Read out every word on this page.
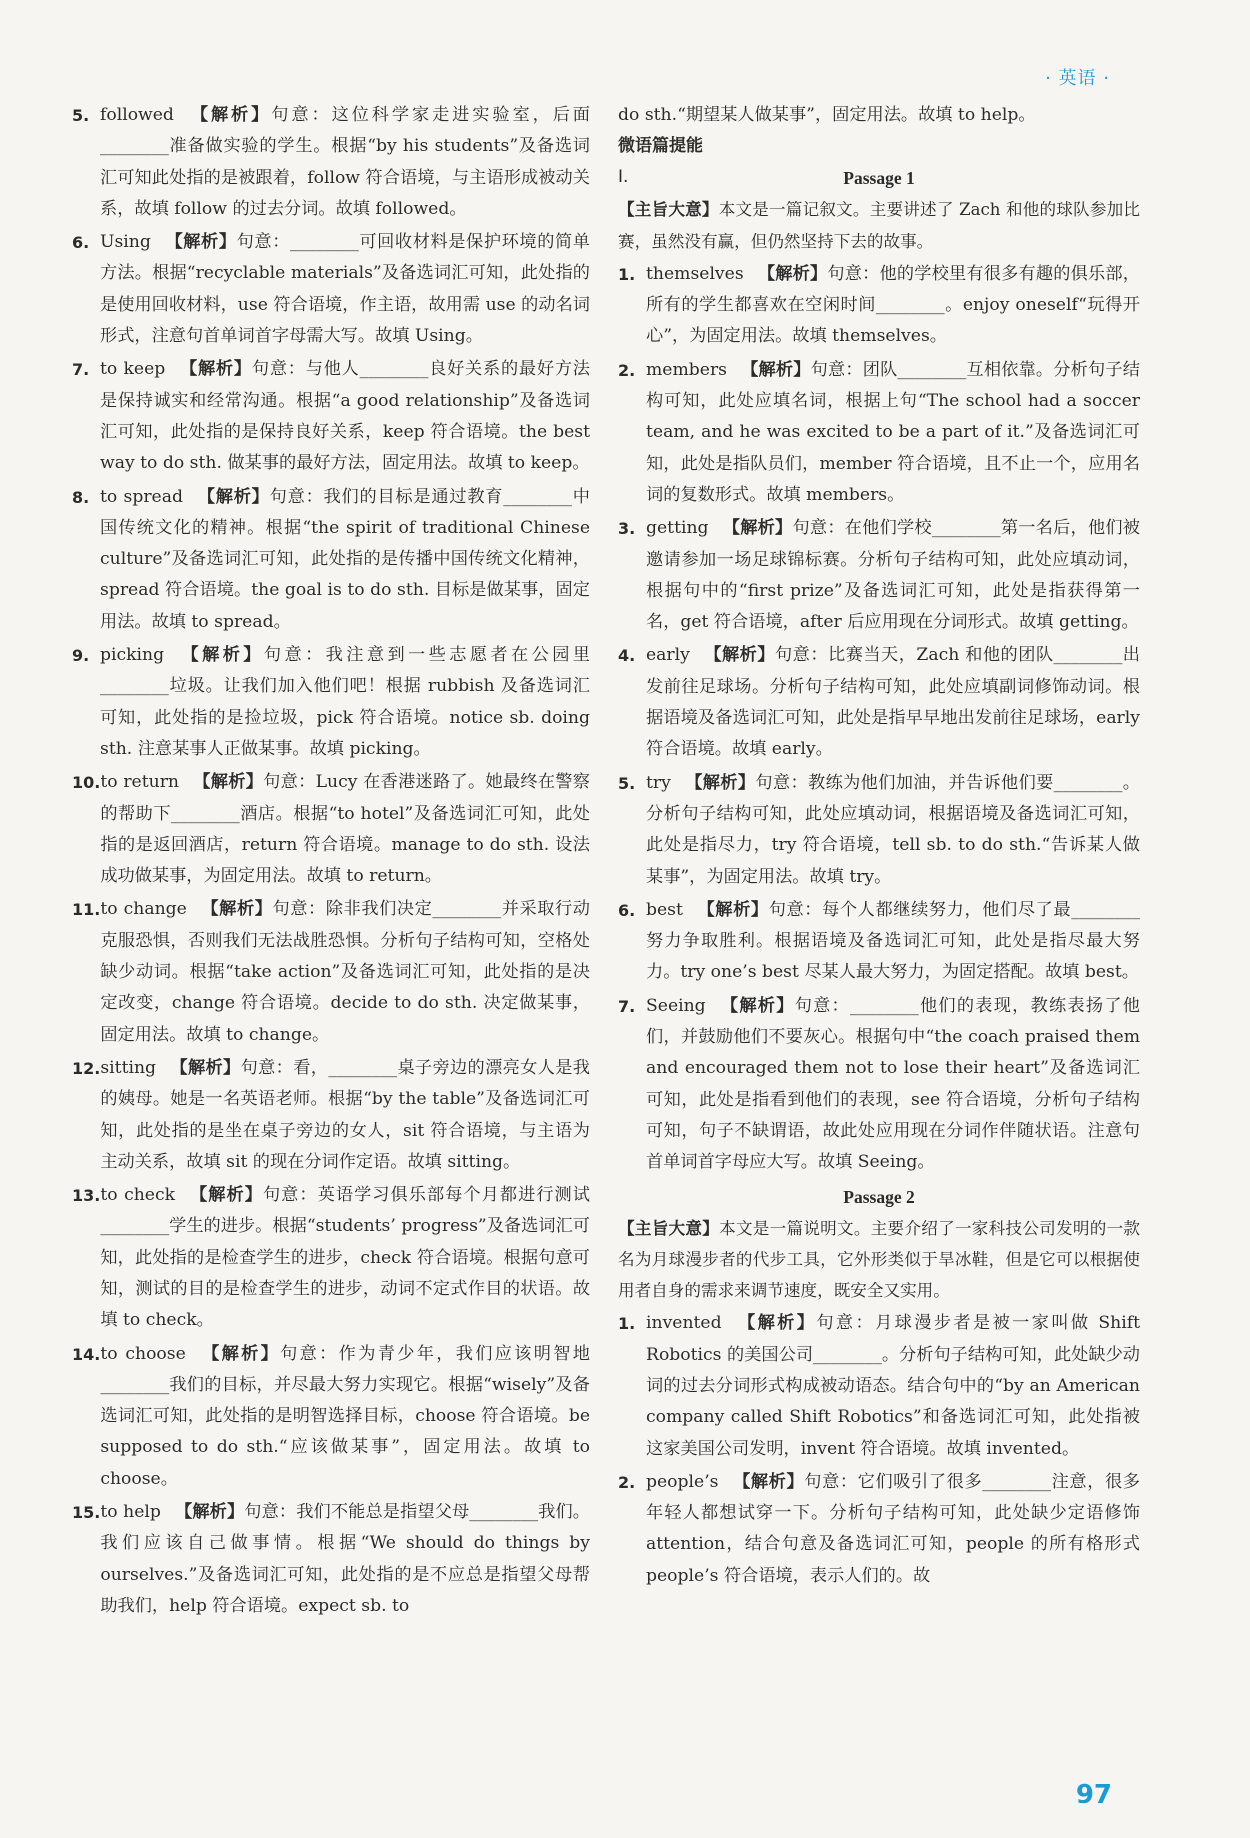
· 英语 ·
5. followed 【解析】句意：这位科学家走进实验室，后面________准备做实验的学生。根据“by his students”及备选词汇可知此处指的是被跟着，follow 符合语境，与主语形成被动关系，故填 follow 的过去分词。故填 followed。
6. Using 【解析】句意：________可回收材料是保护环境的简单方法。根据“recyclable materials”及备选词汇可知，此处指的是使用回收材料，use 符合语境，作主语，故用需 use 的动名词形式，注意句首单词首字母需大写。故填 Using。
7. to keep 【解析】句意：与他人________良好关系的最好方法是保持诚实和经常沟通。根据“a good relationship”及备选词汇可知，此处指的是保持良好关系，keep 符合语境。the best way to do sth. 做某事的最好方法，固定用法。故填 to keep。
8. to spread 【解析】句意：我们的目标是通过教育________中国传统文化的精神。根据“the spirit of traditional Chinese culture”及备选词汇可知，此处指的是传播中国传统文化精神，spread 符合语境。the goal is to do sth. 目标是做某事，固定用法。故填 to spread。
9. picking 【解析】句意：我注意到一些志愿者在公园里________垃圾。让我们加入他们吧！根据 rubbish 及备选词汇可知，此处指的是捡垃圾，pick 符合语境。notice sb. doing sth. 注意某事人正做某事。故填 picking。
10. to return 【解析】句意：Lucy 在香港迷路了。她最终在警察的帮助下________酒店。根据“to hotel”及备选词汇可知，此处指的是返回酒店，return 符合语境。manage to do sth. 设法成功做某事，为固定用法。故填 to return。
11. to change 【解析】句意：除非我们决定________并采取行动克服恐惧，否则我们无法战胜恐惧。分析句子结构可知，空格处缺少动词。根据“take action”及备选词汇可知，此处指的是决定改变，change 符合语境。decide to do sth. 决定做某事，固定用法。故填 to change。
12. sitting 【解析】句意：看，________桌子旁边的漂亮女人是我的姨母。她是一名英语老师。根据“by the table”及备选词汇可知，此处指的是坐在桌子旁边的女人，sit 符合语境，与主语为主动关系，故填 sit 的现在分词作定语。故填 sitting。
13. to check 【解析】句意：英语学习俱乐部每个月都进行测试________学生的进步。根据“students’ progress”及备选词汇可知，此处指的是检查学生的进步，check 符合语境。根据句意可知，测试的目的是检查学生的进步，动词不定式作目的状语。故填 to check。
14. to choose 【解析】句意：作为青少年，我们应该明智地________我们的目标，并尽最大努力实现它。根据“wisely”及备选词汇可知，此处指的是明智选择目标，choose 符合语境。be supposed to do sth.“应该做某事”，固定用法。故填 to choose。
15. to help 【解析】句意：我们不能总是指望父母________我们。我们应该自己做事情。根据“We should do things by ourselves.”及备选词汇可知，此处指的是不应总是指望父母帮助我们，help 符合语境。expect sb. to
do sth.“期望某人做某事”，固定用法。故填 to help。
微语篇提能
Ⅰ.	Passage 1
【主旨大意】本文是一篇记叙文。主要讲述了 Zach 和他的球队参加比赛，虽然没有赢，但仍然坚持下去的故事。
1. themselves 【解析】句意：他的学校里有很多有趣的俱乐部，所有的学生都喜欢在空闲时间________。enjoy oneself“玩得开心”，为固定用法。故填 themselves。
2. members 【解析】句意：团队________互相依靠。分析句子结构可知，此处应填名词，根据上句“The school had a soccer team, and he was excited to be a part of it.”及备选词汇可知，此处是指队员们，member 符合语境，且不止一个，应用名词的复数形式。故填 members。
3. getting 【解析】句意：在他们学校________第一名后，他们被邀请参加一场足球锦标赛。分析句子结构可知，此处应填动词，根据句中的“first prize”及备选词汇可知，此处是指获得第一名，get 符合语境，after 后应用现在分词形式。故填 getting。
4. early 【解析】句意：比赛当天，Zach 和他的团队________出发前往足球场。分析句子结构可知，此处应填副词修饰动词。根据语境及备选词汇可知，此处是指早早地出发前往足球场，early 符合语境。故填 early。
5. try 【解析】句意：教练为他们加油，并告诉他们要________。分析句子结构可知，此处应填动词，根据语境及备选词汇可知，此处是指尽力，try 符合语境，tell sb. to do sth.“告诉某人做某事”，为固定用法。故填 try。
6. best 【解析】句意：每个人都继续努力，他们尽了最________努力争取胜利。根据语境及备选词汇可知，此处是指尽最大努力。try one’s best 尽某人最大努力，为固定搭配。故填 best。
7. Seeing 【解析】句意：________他们的表现，教练表扬了他们，并鼓励他们不要灰心。根据句中“the coach praised them and encouraged them not to lose their heart”及备选词汇可知，此处是指看到他们的表现，see 符合语境，分析句子结构可知，句子不缺谓语，故此处应用现在分词作伴随状语。注意句首单词首字母应大写。故填 Seeing。
Passage 2
【主旨大意】本文是一篇说明文。主要介绍了一家科技公司发明的一款名为月球漫步者的代步工具，它外形类似于旱冰鞋，但是它可以根据使用者自身的需求来调节速度，既安全又实用。
1. invented 【解析】句意：月球漫步者是被一家叫做 Shift Robotics 的美国公司________。分析句子结构可知，此处缺少动词的过去分词形式构成被动语态。结合句中的“by an American company called Shift Robotics”和备选词汇可知，此处指被这家美国公司发明，invent 符合语境。故填 invented。
2. people’s 【解析】句意：它们吸引了很多________注意，很多年轻人都想试穿一下。分析句子结构可知，此处缺少定语修饰 attention，结合句意及备选词汇可知，people 的所有格形式 people’s 符合语境，表示人们的。故
97
